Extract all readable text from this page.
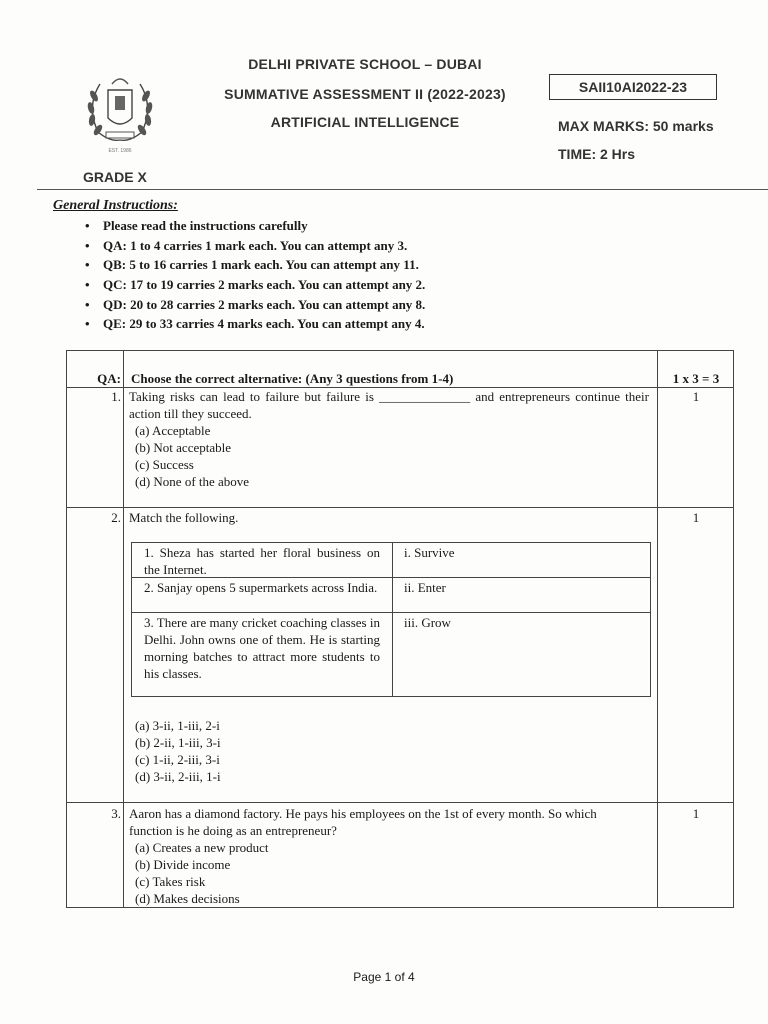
EST. 1986
DELHI PRIVATE SCHOOL – DUBAI
SUMMATIVE ASSESSMENT II (2022-2023)
ARTIFICIAL INTELLIGENCE
SAII10AI2022-23
MAX MARKS: 50 marks
TIME: 2 Hrs
GRADE X
General Instructions:
• Please read the instructions carefully
• QA: 1 to 4 carries 1 mark each. You can attempt any 3.
• QB: 5 to 16 carries 1 mark each. You can attempt any 11.
• QC: 17 to 19 carries 2 marks each. You can attempt any 2.
• QD: 20 to 28 carries 2 marks each. You can attempt any 8.
• QE: 29 to 33 carries 4 marks each. You can attempt any 4.
QA: Choose the correct alternative: (Any 3 questions from 1-4)	1 x 3 = 3
1. Taking risks can lead to failure but failure is ______________ and entrepreneurs continue their action till they succeed.
(a) Acceptable
(b) Not acceptable
(c) Success
(d) None of the above
1
2. Match the following.	1
1. Sheza has started her floral business on the Internet.
i. Survive
2. Sanjay opens 5 supermarkets across India. ii. Enter
3. There are many cricket coaching classes in Delhi. John owns one of them. He is starting morning batches to attract more students to his classes.
iii. Grow
(a) 3-ii, 1-iii, 2-i
(b) 2-ii, 1-iii, 3-i
(c) 1-ii, 2-iii, 3-i
(d) 3-ii, 2-iii, 1-i
3. Aaron has a diamond factory. He pays his employees on the 1st of every month. So which function is he doing as an entrepreneur?
(a) Creates a new product
(b) Divide income
(c) Takes risk
(d) Makes decisions
1
Page 1 of 4
